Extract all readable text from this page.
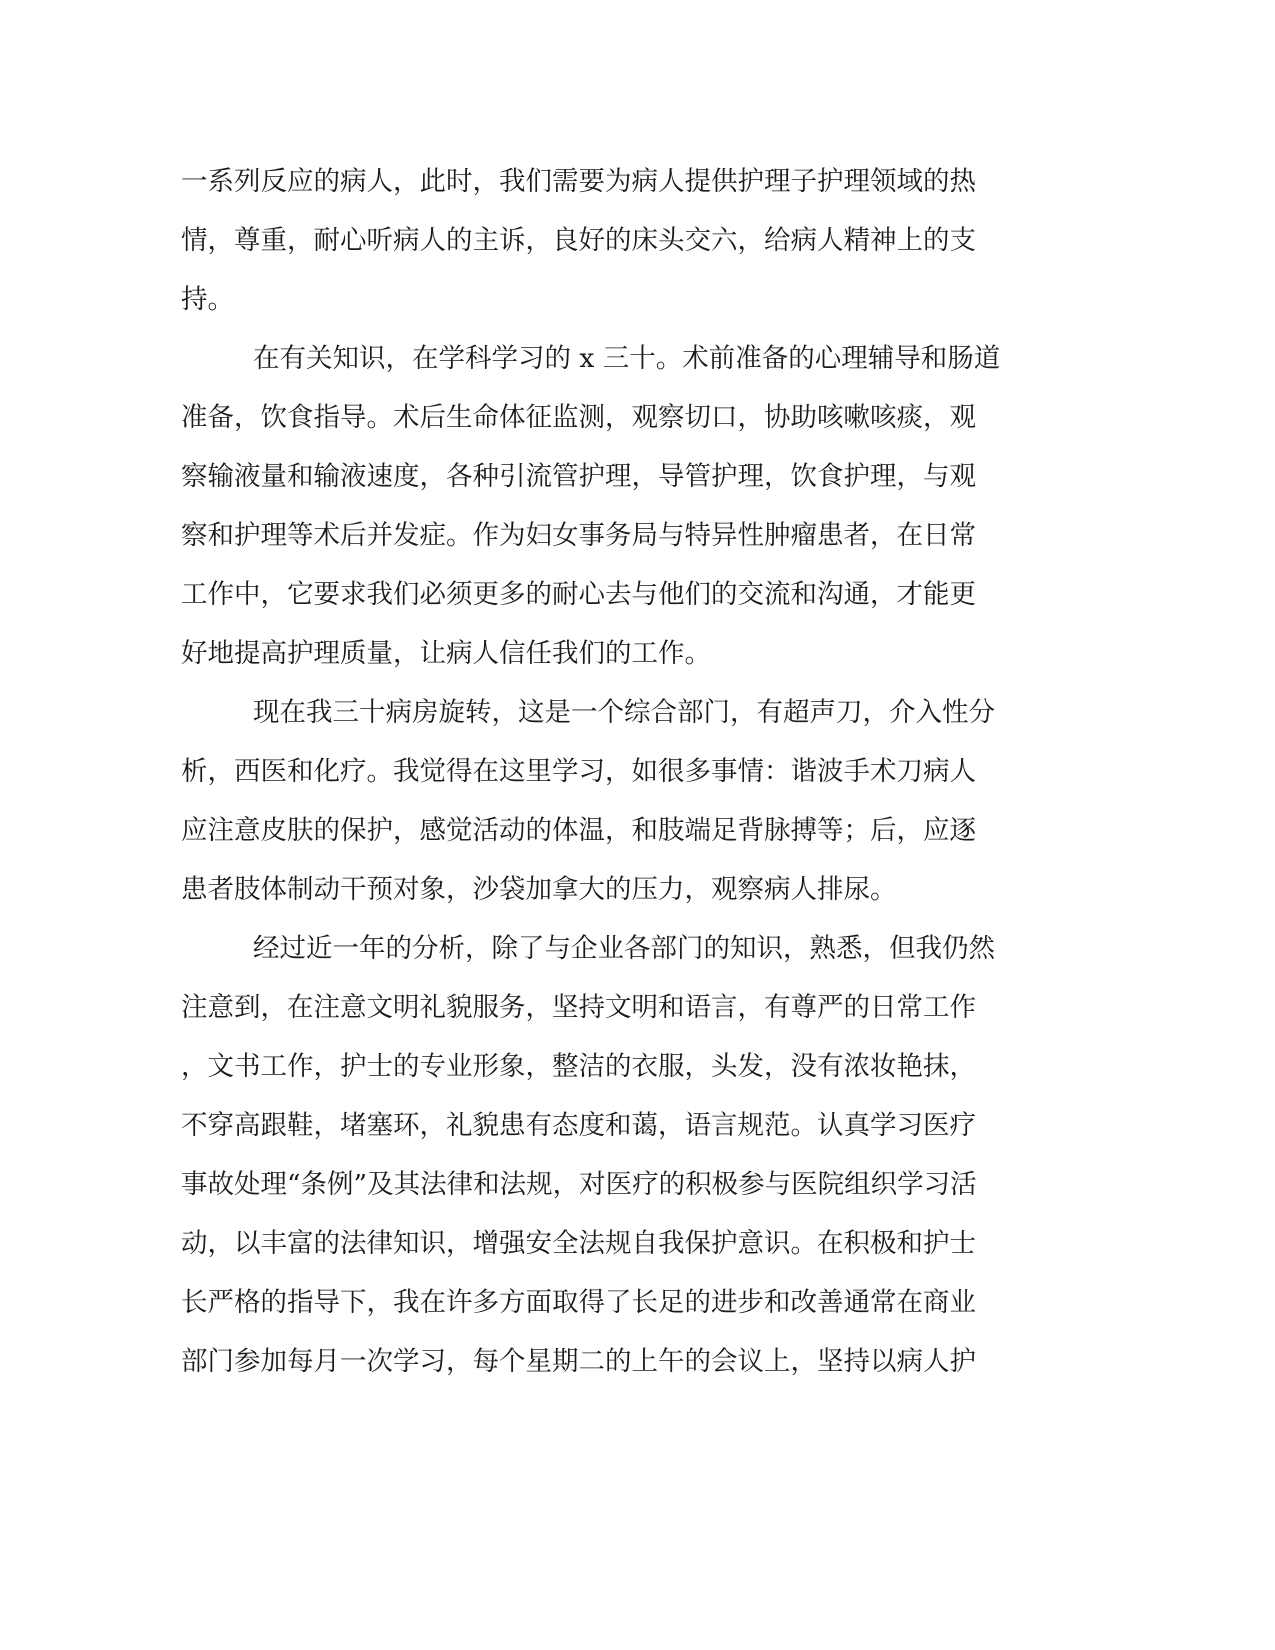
一系列反应的病人，此时，我们需要为病人提供护理子护理领域的热
情，尊重，耐心听病人的主诉，良好的床头交六，给病人精神上的支
持。
在有关知识，在学科学习的 x 三十。术前准备的心理辅导和肠道
准备，饮食指导。术后生命体征监测，观察切口，协助咳嗽咳痰，观
察输液量和输液速度，各种引流管护理，导管护理，饮食护理，与观
察和护理等术后并发症。作为妇女事务局与特异性肿瘤患者，在日常
工作中，它要求我们必须更多的耐心去与他们的交流和沟通，才能更
好地提高护理质量，让病人信任我们的工作。
现在我三十病房旋转，这是一个综合部门，有超声刀，介入性分
析，西医和化疗。我觉得在这里学习，如很多事情：谐波手术刀病人
应注意皮肤的保护，感觉活动的体温，和肢端足背脉搏等；后，应逐
患者肢体制动干预对象，沙袋加拿大的压力，观察病人排尿。
经过近一年的分析，除了与企业各部门的知识，熟悉，但我仍然
注意到，在注意文明礼貌服务，坚持文明和语言，有尊严的日常工作
，文书工作，护士的专业形象，整洁的衣服，头发，没有浓妆艳抹，
不穿高跟鞋，堵塞环，礼貌患有态度和蔼，语言规范。认真学习医疗
事故处理“条例”及其法律和法规，对医疗的积极参与医院组织学习活
动，以丰富的法律知识，增强安全法规自我保护意识。在积极和护士
长严格的指导下，我在许多方面取得了长足的进步和改善通常在商业
部门参加每月一次学习，每个星期二的上午的会议上，坚持以病人护
